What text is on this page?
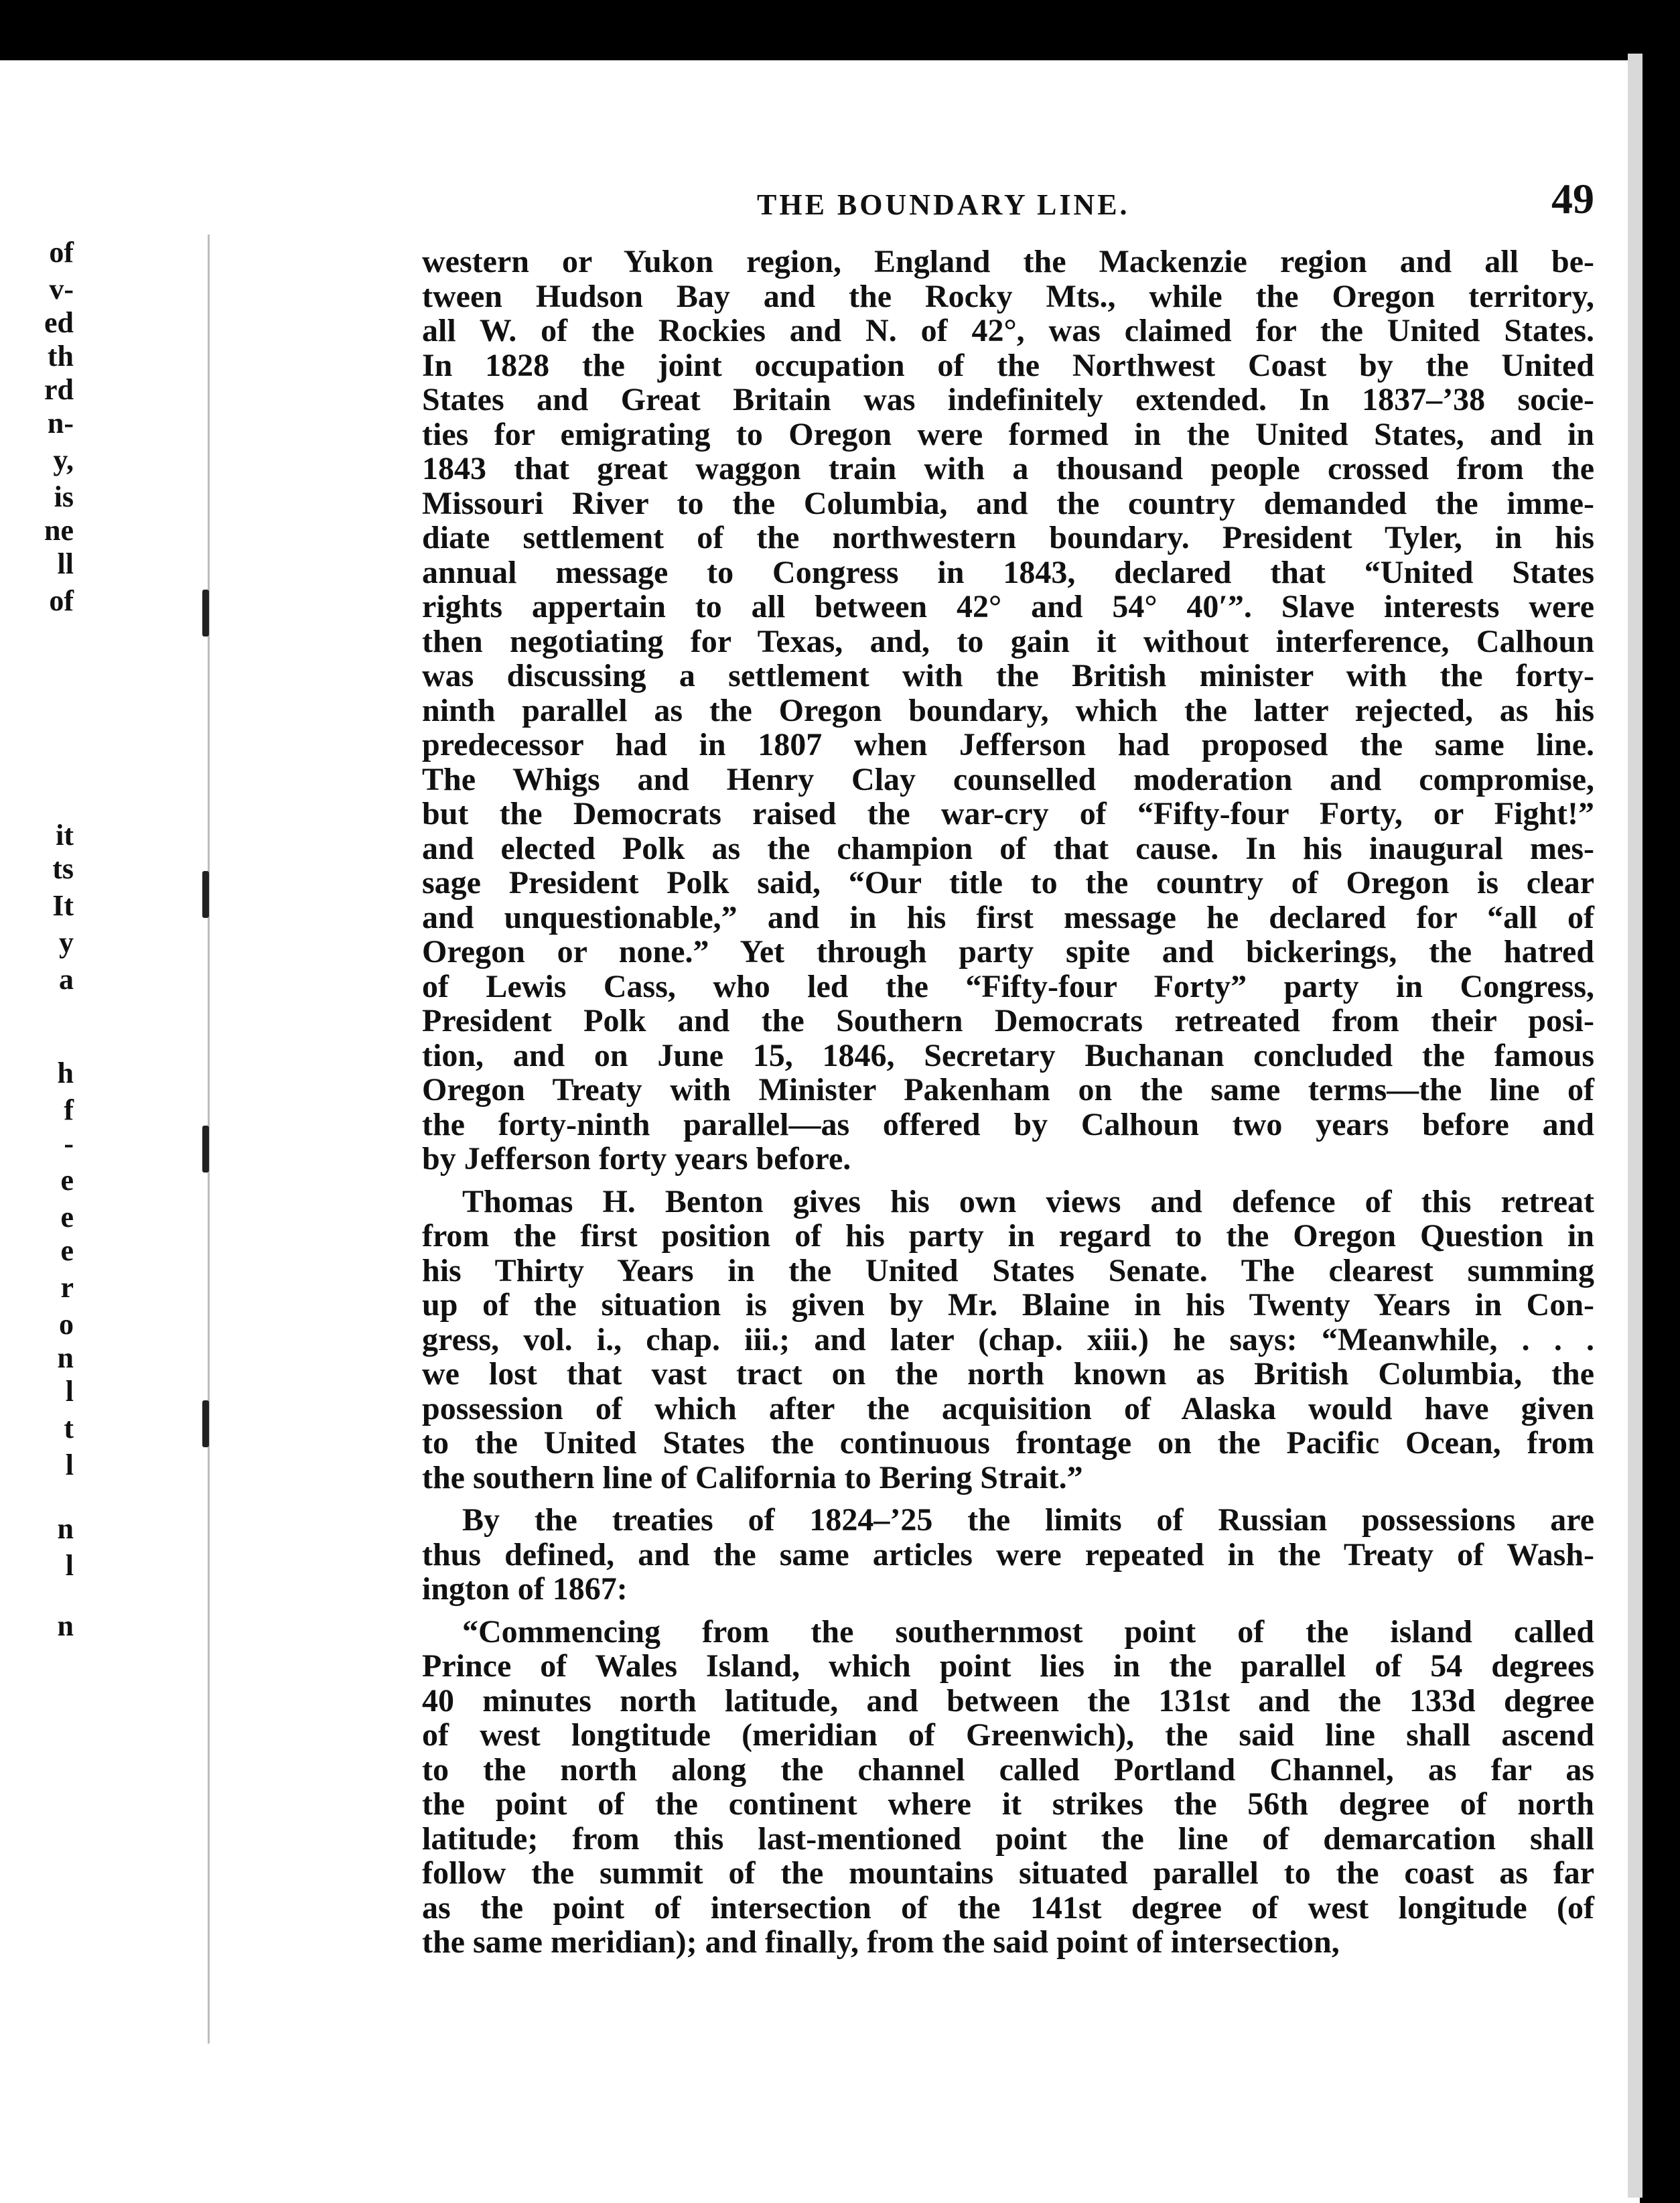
of
v-
ed
th
rd
n-
y,
is
ne
ll
of
it
ts
It
y
a
h
f
-
e
e
e
r
o
n
l
t
l
n
l
n
THE BOUNDARY LINE.	49
western or Yukon region, England the Mackenzie region and all be-
tween Hudson Bay and the Rocky Mts., while the Oregon territory,
all W. of the Rockies and N. of 42°, was claimed for the United States.
In 1828 the joint occupation of the Northwest Coast by the United
States and Great Britain was indefinitely extended. In 1837–’38 socie-
ties for emigrating to Oregon were formed in the United States, and in
1843 that great waggon train with a thousand people crossed from the
Missouri River to the Columbia, and the country demanded the imme-
diate settlement of the northwestern boundary. President Tyler, in his
annual message to Congress in 1843, declared that “United States
rights appertain to all between 42° and 54° 40′”. Slave interests were
then negotiating for Texas, and, to gain it without interference, Calhoun
was discussing a settlement with the British minister with the forty-
ninth parallel as the Oregon boundary, which the latter rejected, as his
predecessor had in 1807 when Jefferson had proposed the same line.
The Whigs and Henry Clay counselled moderation and compromise,
but the Democrats raised the war-cry of “Fifty-four Forty, or Fight!”
and elected Polk as the champion of that cause. In his inaugural mes-
sage President Polk said, “Our title to the country of Oregon is clear
and unquestionable,” and in his first message he declared for “all of
Oregon or none.” Yet through party spite and bickerings, the hatred
of Lewis Cass, who led the “Fifty-four Forty” party in Congress,
President Polk and the Southern Democrats retreated from their posi-
tion, and on June 15, 1846, Secretary Buchanan concluded the famous
Oregon Treaty with Minister Pakenham on the same terms—the line of
the forty-ninth parallel—as offered by Calhoun two years before and
by Jefferson forty years before.
Thomas H. Benton gives his own views and defence of this retreat
from the first position of his party in regard to the Oregon Question in
his Thirty Years in the United States Senate. The clearest summing
up of the situation is given by Mr. Blaine in his Twenty Years in Con-
gress, vol. i., chap. iii.; and later (chap. xiii.) he says: “Meanwhile, . . .
we lost that vast tract on the north known as British Columbia, the
possession of which after the acquisition of Alaska would have given
to the United States the continuous frontage on the Pacific Ocean, from
the southern line of California to Bering Strait.”
By the treaties of 1824–’25 the limits of Russian possessions are
thus defined, and the same articles were repeated in the Treaty of Wash-
ington of 1867:
“Commencing from the southernmost point of the island called
Prince of Wales Island, which point lies in the parallel of 54 degrees
40 minutes north latitude, and between the 131st and the 133d degree
of west longtitude (meridian of Greenwich), the said line shall ascend
to the north along the channel called Portland Channel, as far as
the point of the continent where it strikes the 56th degree of north
latitude; from this last-mentioned point the line of demarcation shall
follow the summit of the mountains situated parallel to the coast as far
as the point of intersection of the 141st degree of west longitude (of
the same meridian); and finally, from the said point of intersection,
